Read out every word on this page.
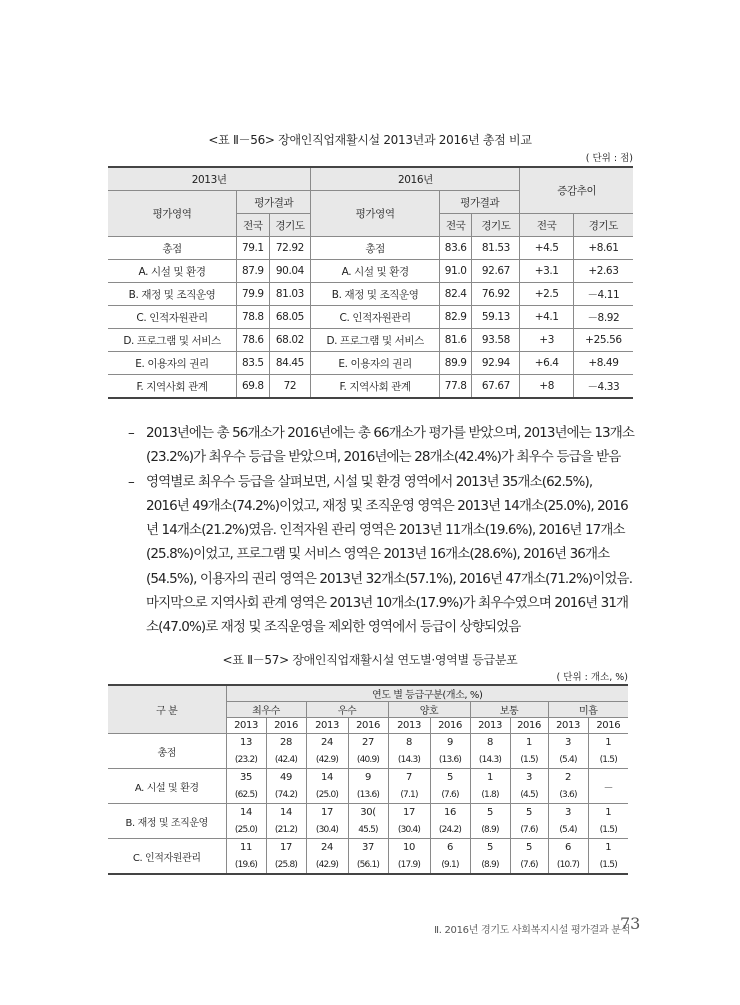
<표 Ⅱ－56> 장애인직업재활시설 2013년과 2016년 총점 비교
( 단위 : 점)
2013년			2016년			증감추이	
평가영역	평가결과		평가영역	평가결과			
	전국	경기도		전국	경기도	전국	경기도
총점	79.1	72.92	총점	83.6	81.53	+4.5	+8.61
A. 시설 및 환경	87.9	90.04	A. 시설 및 환경	91.0	92.67	+3.1	+2.63
B. 재정 및 조직운영	79.9	81.03	B. 재정 및 조직운영	82.4	76.92	+2.5	－4.11
C. 인적자원관리	78.8	68.05	C. 인적자원관리	82.9	59.13	+4.1	－8.92
D. 프로그램 및 서비스	78.6	68.02	D. 프로그램 및 서비스	81.6	93.58	+3	+25.56
E. 이용자의 권리	83.5	84.45	E. 이용자의 권리	89.9	92.94	+6.4	+8.49
F. 지역사회 관계	69.8	72	F. 지역사회 관계	77.8	67.67	+8	－4.33
– 2013년에는 총 56개소가 2016년에는 총 66개소가 평가를 받았으며, 2013년에는 13개소
(23.2%)가 최우수 등급을 받았으며, 2016년에는 28개소(42.4%)가 최우수 등급을 받음
– 영역별로 최우수 등급을 살펴보면, 시설 및 환경 영역에서 2013년 35개소(62.5%),
2016년 49개소(74.2%)이었고, 재정 및 조직운영 영역은 2013년 14개소(25.0%), 2016
년 14개소(21.2%)였음. 인적자원 관리 영역은 2013년 11개소(19.6%), 2016년 17개소
(25.8%)이었고, 프로그램 및 서비스 영역은 2013년 16개소(28.6%), 2016년 36개소
(54.5%), 이용자의 권리 영역은 2013년 32개소(57.1%), 2016년 47개소(71.2%)이었음.
마지막으로 지역사회 관계 영역은 2013년 10개소(17.9%)가 최우수였으며 2016년 31개
소(47.0%)로 재정 및 조직운영을 제외한 영역에서 등급이 상향되었음
<표 Ⅱ－57> 장애인직업재활시설 연도별·영역별 등급분포
( 단위 : 개소, %)
구 분	연도 별 등급구분(개소, %)									
	최우수		우수		양호		보통		미흡	
	2013	2016	2013	2016	2013	2016	2013	2016	2013	2016
총점	13	28	24	27	8	9	8	1	3	1
	(23.2)	(42.4)	(42.9)	(40.9)	(14.3)	(13.6)	(14.3)	(1.5)	(5.4)	(1.5)
A. 시설 및 환경	35	49	14	9	7	5	1	3	2	－
	(62.5)	(74.2)	(25.0)	(13.6)	(7.1)	(7.6)	(1.8)	(4.5)	(3.6)	
B. 재정 및 조직운영	14	14	17	30(	17	16	5	5	3	1
	(25.0)	(21.2)	(30.4)	45.5)	(30.4)	(24.2)	(8.9)	(7.6)	(5.4)	(1.5)
C. 인적자원관리	11	17	24	37	10	6	5	5	6	1
	(19.6)	(25.8)	(42.9)	(56.1)	(17.9)	(9.1)	(8.9)	(7.6)	(10.7)	(1.5)
Ⅱ. 2016년 경기도 사회복지시설 평가결과 분석
73
